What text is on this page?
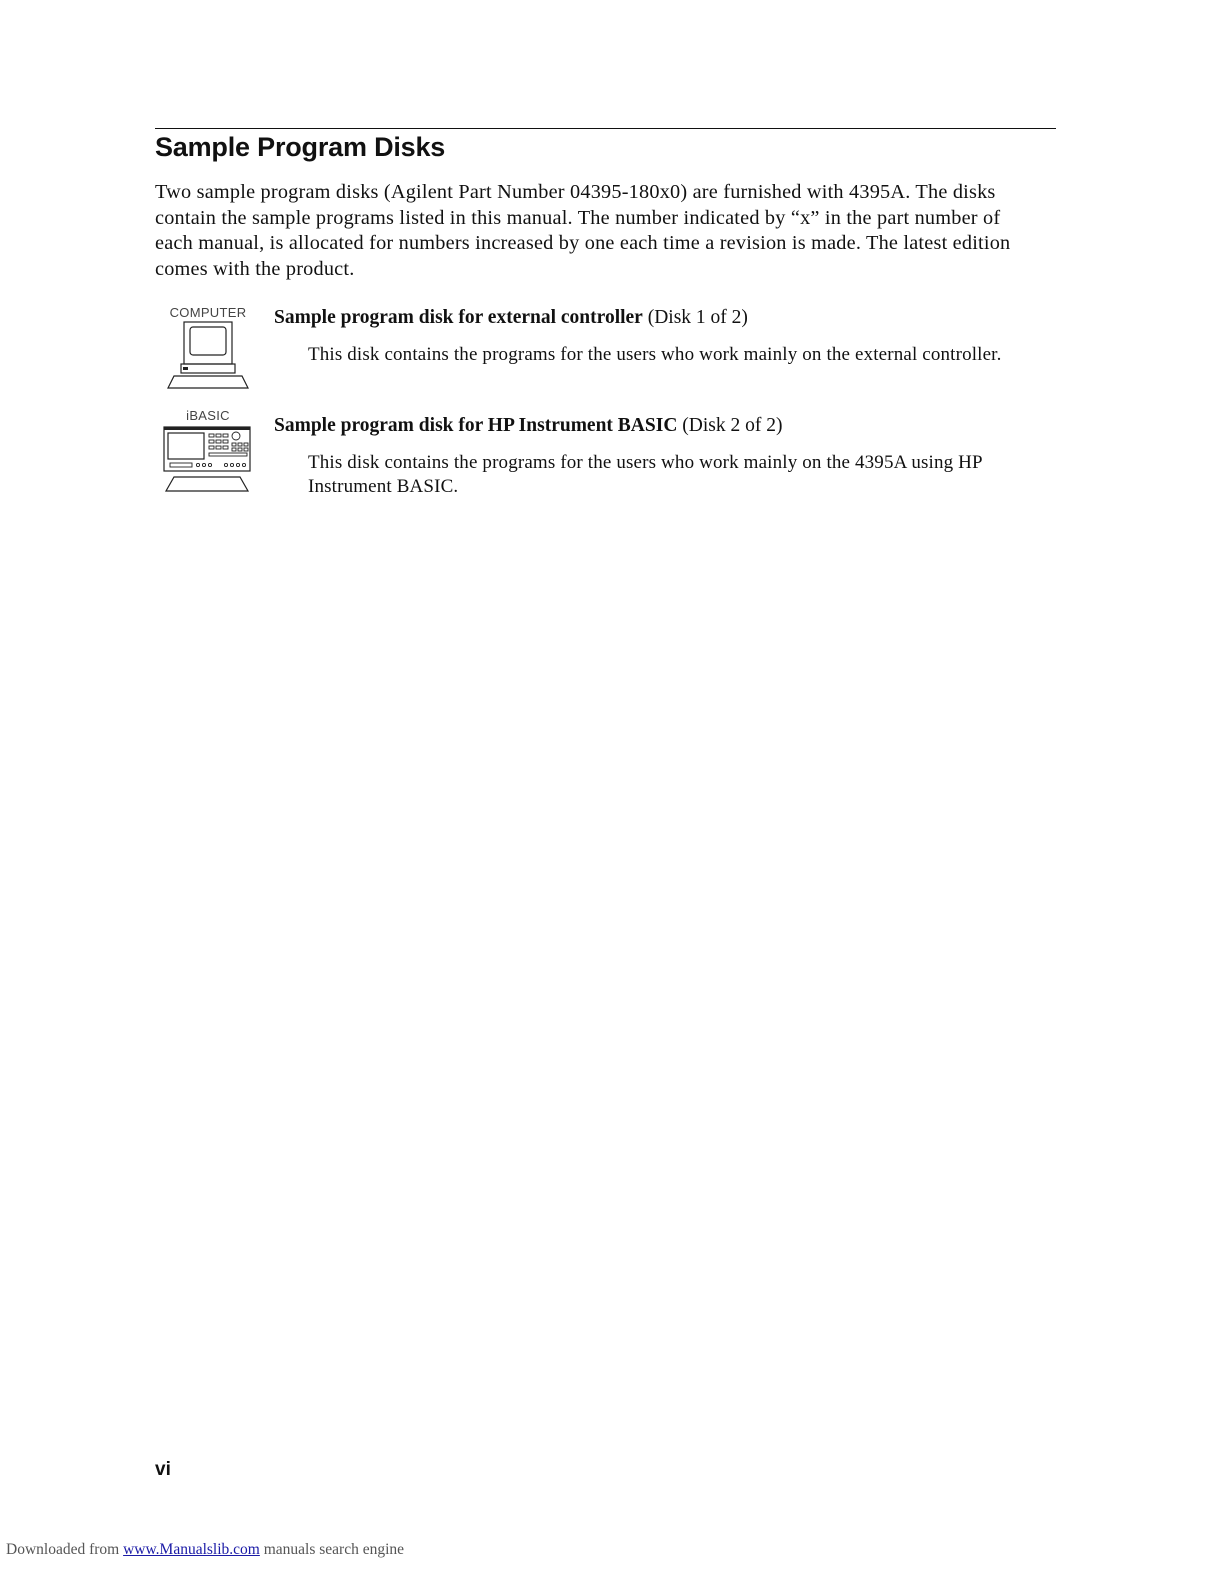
Sample Program Disks

Two sample program disks (Agilent Part Number 04395-180x0) are furnished with 4395A. The disks contain the sample programs listed in this manual. The number indicated by “x” in the part number of each manual, is allocated for numbers increased by one each time a revision is made. The latest edition comes with the product.

COMPUTER	Sample program disk for external controller (Disk 1 of 2)

This disk contains the programs for the users who work mainly on the external controller.

iBASIC	Sample program disk for HP Instrument BASIC (Disk 2 of 2)

This disk contains the programs for the users who work mainly on the 4395A using HP Instrument BASIC.

vi
Downloaded from www.Manualslib.com manuals search engine
